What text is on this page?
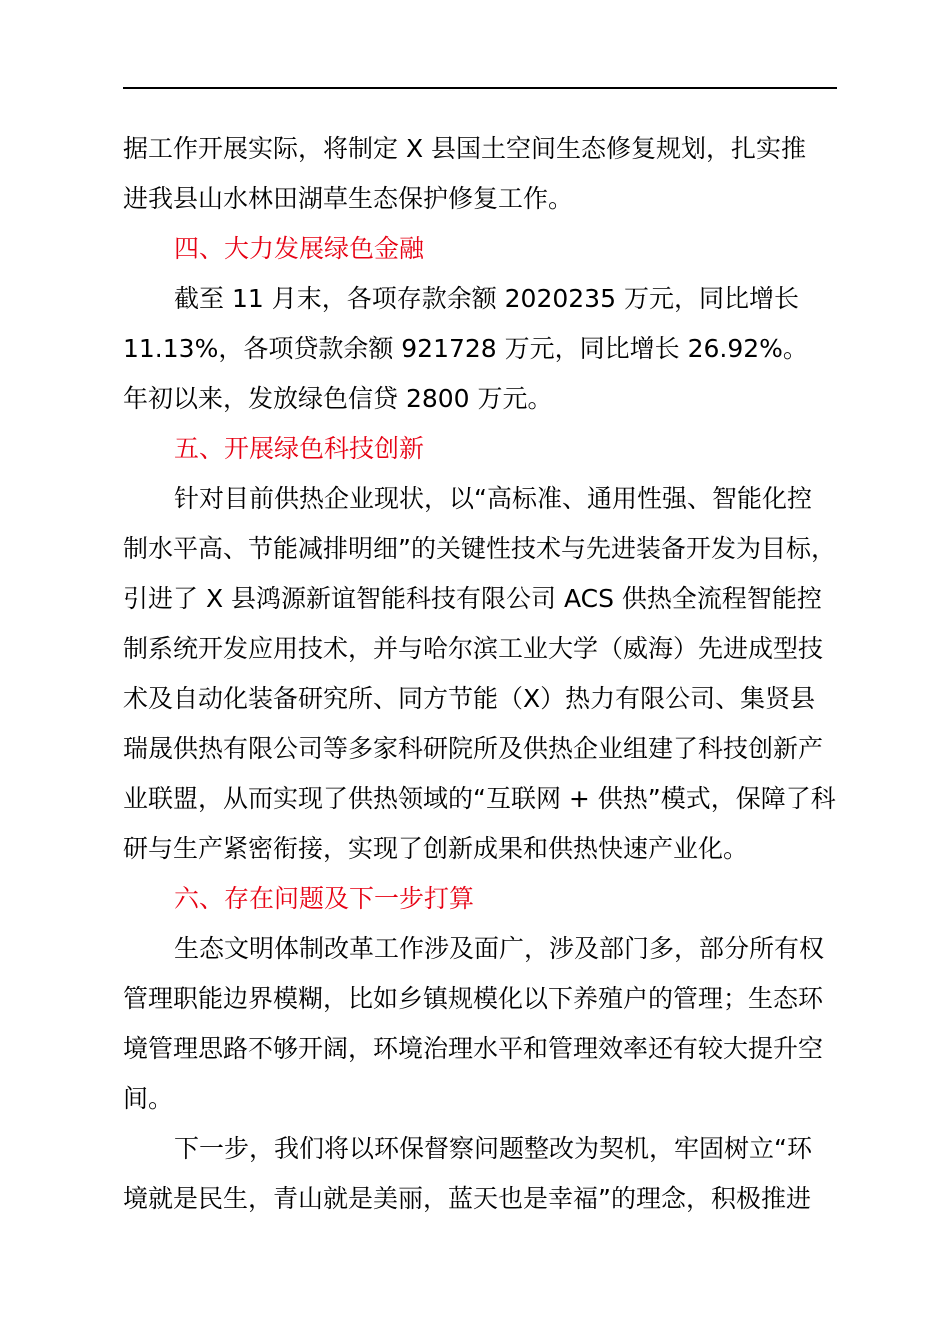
据工作开展实际，将制定 X 县国土空间生态修复规划，扎实推
进我县山水林田湖草生态保护修复工作。
四、大力发展绿色金融
截至 11 月末，各项存款余额 2020235 万元，同比增长
11.13%，各项贷款余额 921728 万元，同比增长 26.92%。
年初以来，发放绿色信贷 2800 万元。
五、开展绿色科技创新
针对目前供热企业现状，以“高标准、通用性强、智能化控
制水平高、节能减排明细”的关键性技术与先进装备开发为目标，
引进了 X 县鸿源新谊智能科技有限公司 ACS 供热全流程智能控
制系统开发应用技术，并与哈尔滨工业大学（威海）先进成型技
术及自动化装备研究所、同方节能（X）热力有限公司、集贤县
瑞晟供热有限公司等多家科研院所及供热企业组建了科技创新产
业联盟，从而实现了供热领域的“互联网 + 供热”模式，保障了科
研与生产紧密衔接，实现了创新成果和供热快速产业化。
六、存在问题及下一步打算
生态文明体制改革工作涉及面广，涉及部门多，部分所有权
管理职能边界模糊，比如乡镇规模化以下养殖户的管理；生态环
境管理思路不够开阔，环境治理水平和管理效率还有较大提升空
间。
下一步，我们将以环保督察问题整改为契机，牢固树立“环
境就是民生，青山就是美丽，蓝天也是幸福”的理念，积极推进
